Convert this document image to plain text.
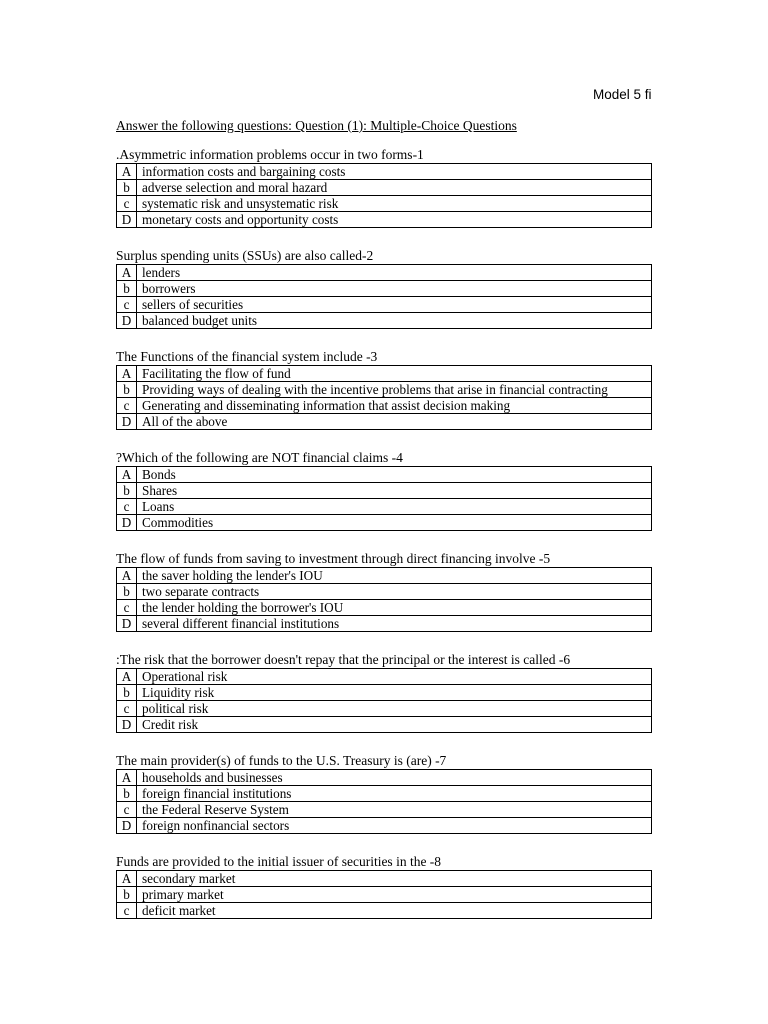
Model 5 fi
Answer the following questions: Question (1): Multiple-Choice Questions
.Asymmetric information problems occur in two forms-1
A	information costs and bargaining costs
b	adverse selection and moral hazard
c	systematic risk and unsystematic risk
D	monetary costs and opportunity costs
Surplus spending units (SSUs) are also called-2
A	lenders
b	borrowers
c	sellers of securities
D	balanced budget units
The Functions of the financial system include -3
A	Facilitating the flow of fund
b	Providing ways of dealing with the incentive problems that arise in financial contracting
c	Generating and disseminating information that assist decision making
D	All of the above
?Which of the following are NOT financial claims -4
A	Bonds
b	Shares
c	Loans
D	Commodities
The flow of funds from saving to investment through direct financing involve -5
A	the saver holding the lender's IOU
b	two separate contracts
c	the lender holding the borrower's IOU
D	several different financial institutions
:The risk that the borrower doesn't repay that the principal or the interest is called -6
A	Operational risk
b	Liquidity risk
c	political risk
D	Credit risk
The main provider(s) of funds to the U.S. Treasury is (are) -7
A	households and businesses
b	foreign financial institutions
c	the Federal Reserve System
D	foreign nonfinancial sectors
Funds are provided to the initial issuer of securities in the -8
A	secondary market
b	primary market
c	deficit market
